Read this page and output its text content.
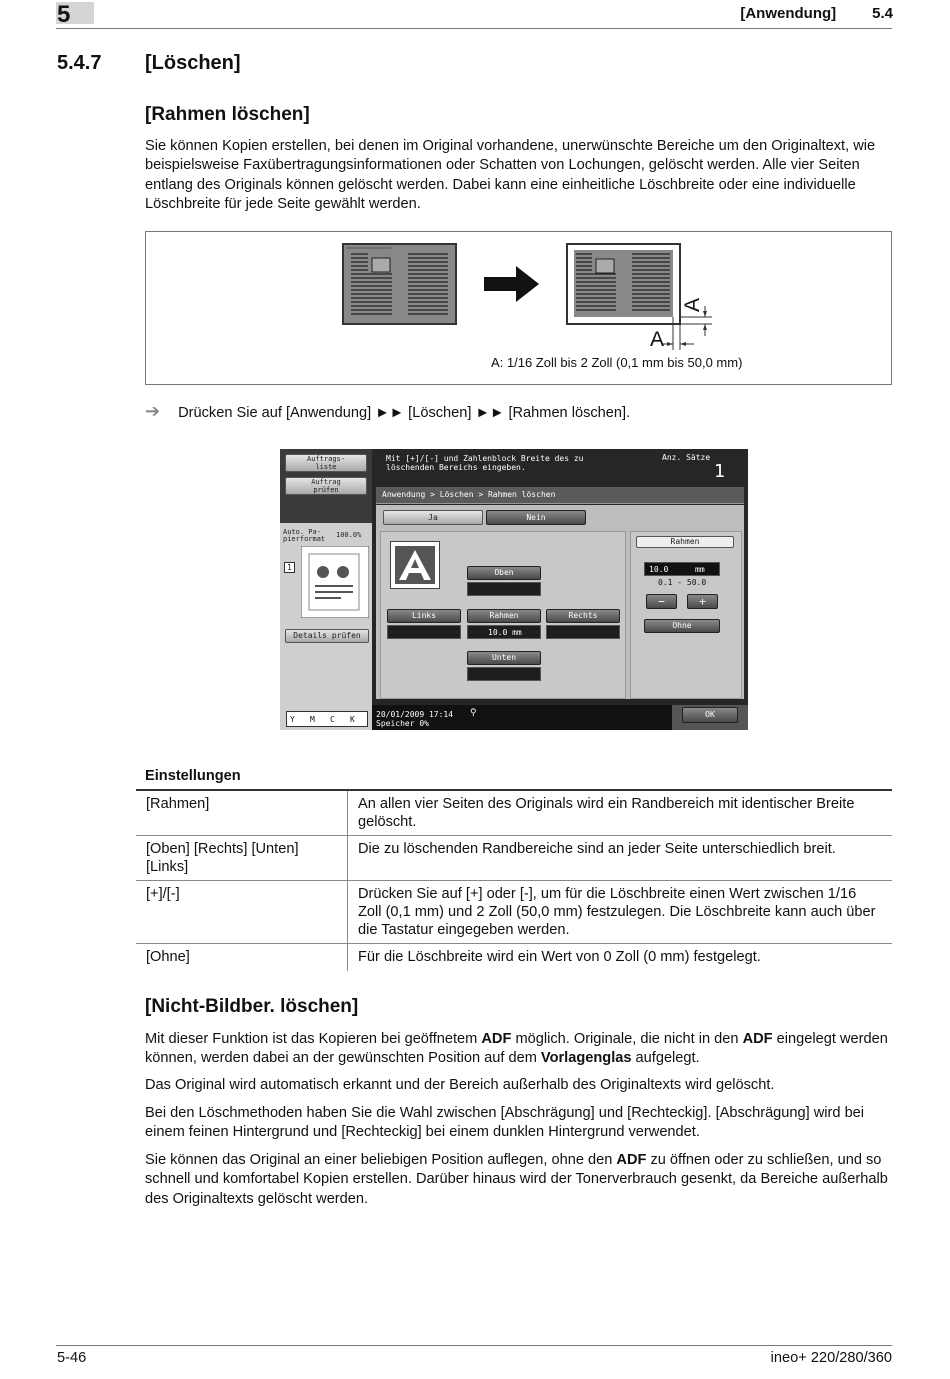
5	[Anwendung] 5.4
5.4.7 [Löschen]
[Rahmen löschen]
Sie können Kopien erstellen, bei denen im Original vorhandene, unerwünschte Bereiche um den Originaltext, wie beispielsweise Faxübertragungsinformationen oder Schatten von Lochungen, gelöscht werden. Alle vier Seiten entlang des Originals können gelöscht werden. Dabei kann eine einheitliche Löschbreite oder eine individuelle Löschbreite für jede Seite gewählt werden.
A
A
A: 1/16 Zoll bis 2 Zoll (0,1 mm bis 50,0 mm)
➔ Drücken Sie auf [Anwendung] ►► [Löschen] ►► [Rahmen löschen].
Auftrags-
liste
Auftrag
prüfen
Auto. Pa-
pierformat 100.0%
1
Details prüfen
Y M C K
Mit [+]/[-] und Zahlenblock Breite des zu
löschenden Bereichs eingeben.
Anz. Sätze
1
Anwendung > Löschen > Rahmen löschen
Ja	Nein
Oben
Links	Rahmen
10.0 mm
Rechts
Unten
Rahmen
10.0	mm
0.1 - 50.0
−	+
Ohne
20/01/2009 17:14
Speicher 0%
⚲	OK
Einstellungen
[Rahmen]	An allen vier Seiten des Originals wird ein Randbereich mit identischer Breite gelöscht.
[Oben] [Rechts] [Unten] [Links]	Die zu löschenden Randbereiche sind an jeder Seite unterschiedlich breit.
[+]/[-]	Drücken Sie auf [+] oder [-], um für die Löschbreite einen Wert zwischen 1/16 Zoll (0,1 mm) und 2 Zoll (50,0 mm) festzulegen. Die Löschbreite kann auch über die Tastatur eingegeben werden.
[Ohne]	Für die Löschbreite wird ein Wert von 0 Zoll (0 mm) festgelegt.
[Nicht-Bildber. löschen]
Mit dieser Funktion ist das Kopieren bei geöffnetem ADF möglich. Originale, die nicht in den ADF eingelegt werden können, werden dabei an der gewünschten Position auf dem Vorlagenglas aufgelegt.
Das Original wird automatisch erkannt und der Bereich außerhalb des Originaltexts wird gelöscht.
Bei den Löschmethoden haben Sie die Wahl zwischen [Abschrägung] und [Rechteckig]. [Abschrägung] wird bei einem feinen Hintergrund und [Rechteckig] bei einem dunklen Hintergrund verwendet.
Sie können das Original an einer beliebigen Position auflegen, ohne den ADF zu öffnen oder zu schließen, und so schnell und komfortabel Kopien erstellen. Darüber hinaus wird der Tonerverbrauch gesenkt, da Bereiche außerhalb des Originaltexts gelöscht werden.
5-46	ineo+ 220/280/360
